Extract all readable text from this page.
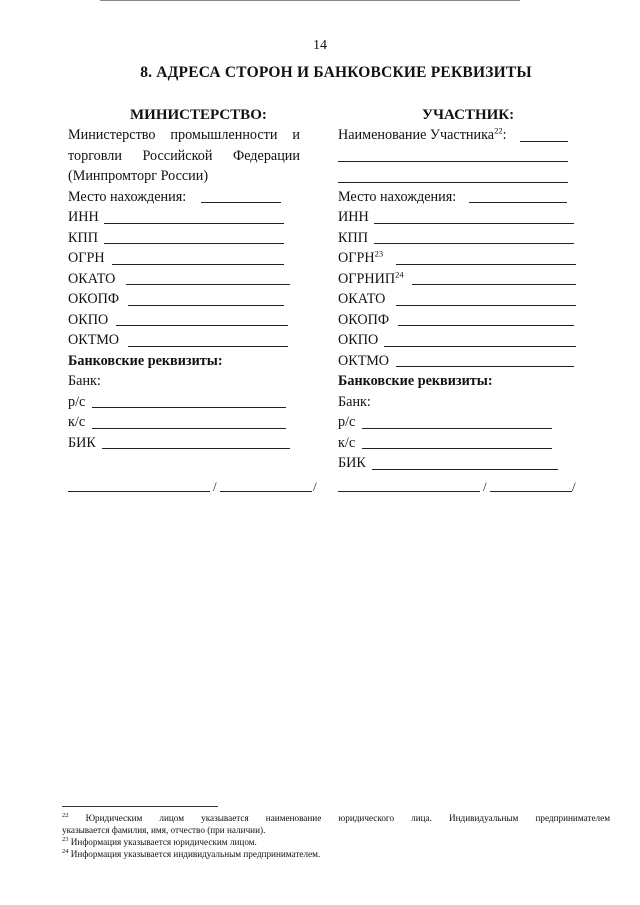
14
8. АДРЕСА СТОРОН И БАНКОВСКИЕ РЕКВИЗИТЫ
МИНИСТЕРСТВО:
Министерство промышленности и
торговли Российской Федерации
(Минпромторг России)
Место нахождения:
ИНН
КПП
ОГРН
ОКАТО
ОКОПФ
ОКПО
ОКТМО
Банковские реквизиты:
Банк:
р/с
к/с
БИК
УЧАСТНИК:
Наименование Участника$^{22}$:
Место нахождения:
ИНН
КПП
ОГРН$^{23}$
ОГРНИП$^{24}$
ОКАТО
ОКОПФ
ОКПО
ОКТМО
Банковские реквизиты:
Банк:
р/с
к/с
БИК
/	/	/	/

$^{22}$ Юридическим лицом указывается наименование юридического лица. Индивидуальным предпринимателем

указывается фамилия, имя, отчество (при наличии).

$^{23}$ Информация указывается юридическим лицом.

$^{24}$ Информация указывается индивидуальным предпринимателем.
